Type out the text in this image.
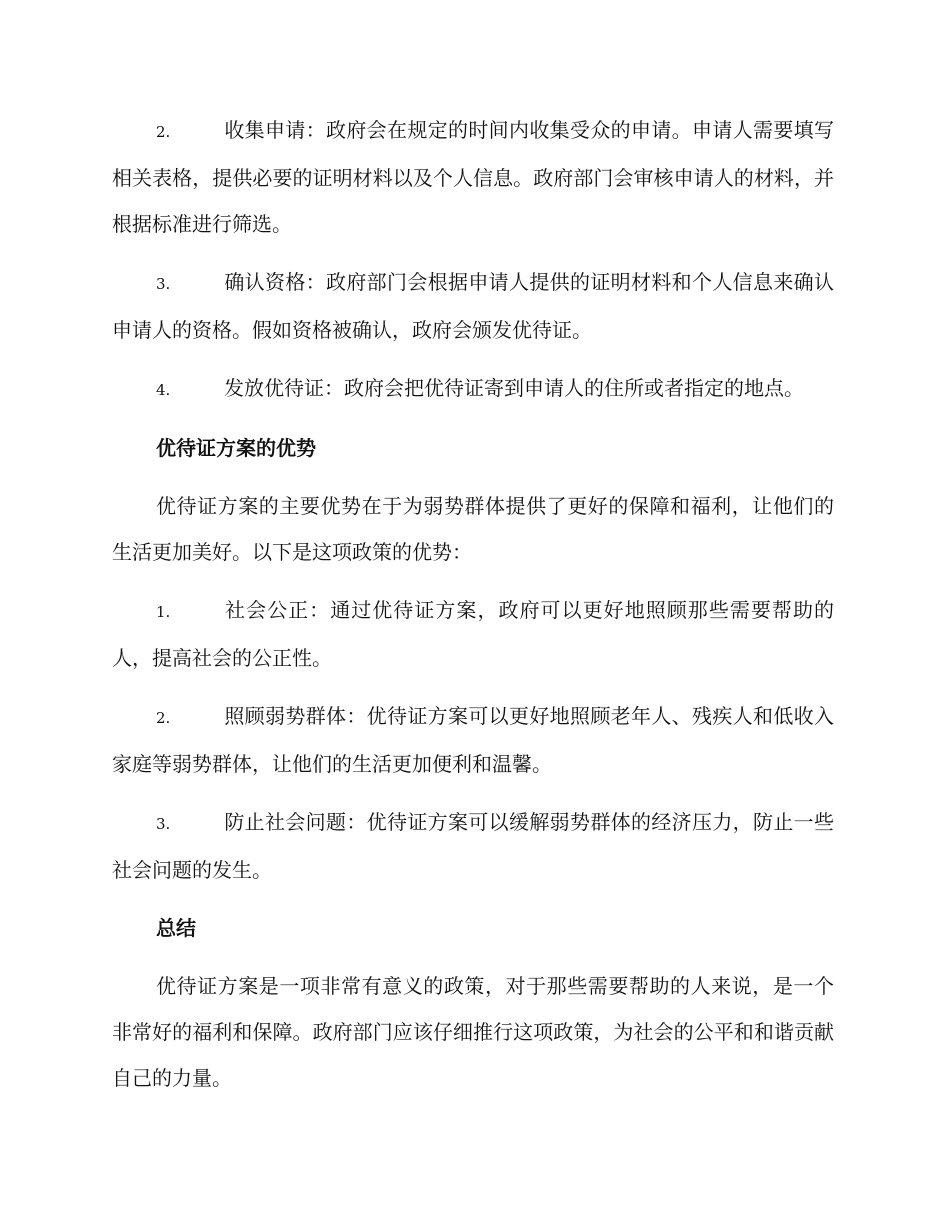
2.	收集申请：政府会在规定的时间内收集受众的申请。申请人需要填写相关表格，提供必要的证明材料以及个人信息。政府部门会审核申请人的材料，并根据标准进行筛选。

3.	确认资格：政府部门会根据申请人提供的证明材料和个人信息来确认申请人的资格。假如资格被确认，政府会颁发优待证。

4.	发放优待证：政府会把优待证寄到申请人的住所或者指定的地点。

优待证方案的优势

优待证方案的主要优势在于为弱势群体提供了更好的保障和福利，让他们的生活更加美好。以下是这项政策的优势：

1.	社会公正：通过优待证方案，政府可以更好地照顾那些需要帮助的人，提高社会的公正性。

2.	照顾弱势群体：优待证方案可以更好地照顾老年人、残疾人和低收入家庭等弱势群体，让他们的生活更加便利和温馨。

3.	防止社会问题：优待证方案可以缓解弱势群体的经济压力，防止一些社会问题的发生。

总结

优待证方案是一项非常有意义的政策，对于那些需要帮助的人来说，是一个非常好的福利和保障。政府部门应该仔细推行这项政策，为社会的公平和和谐贡献自己的力量。
